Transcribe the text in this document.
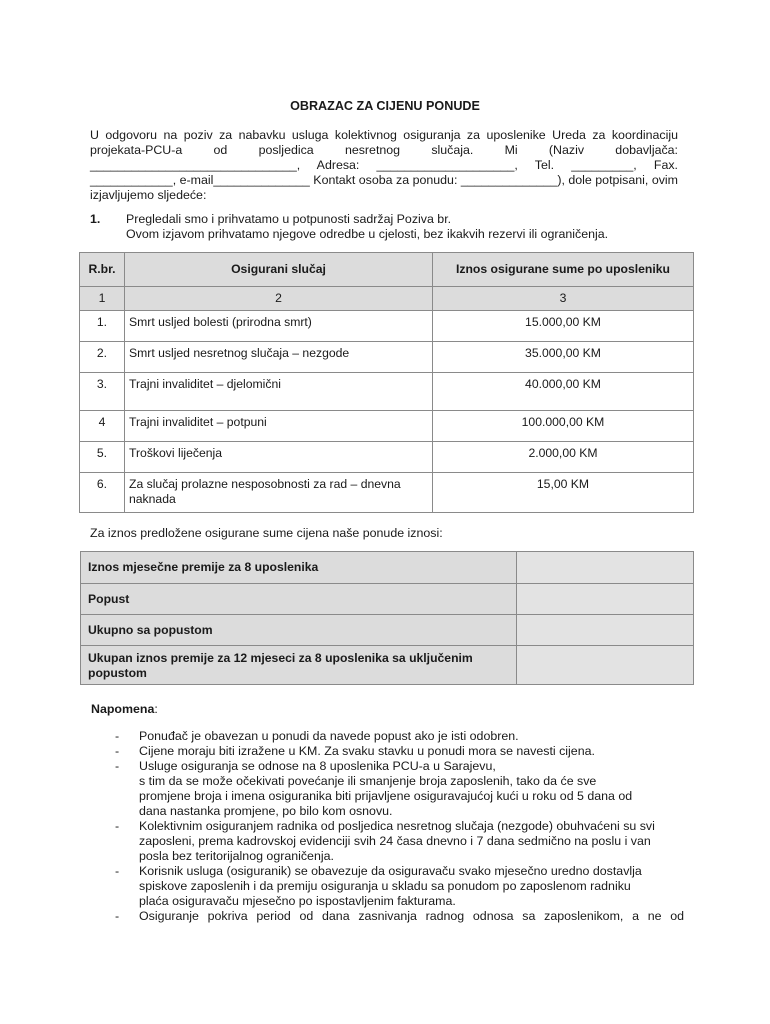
OBRAZAC ZA CIJENU PONUDE

U odgovoru na poziv za nabavku usluga kolektivnog osiguranja za uposlenike Ureda za koordinaciju projekata-PCU-a od posljedica nesretnog slučaja. Mi (Naziv dobavljača: ______________________________, Adresa: ____________________, Tel. _________, Fax. ____________, e-mail______________ Kontakt osoba za ponudu: ______________), dole potpisani, ovim izjavljujemo sljedeće:

1. Pregledali smo i prihvatamo u potpunosti sadržaj Poziva br.
Ovom izjavom prihvatamo njegove odredbe u cjelosti, bez ikakvih rezervi ili ograničenja.
R.br.	Osigurani slučaj	Iznos osigurane sume po uposleniku
1	2	3
1.	Smrt usljed bolesti (prirodna smrt)	15.000,00 KM
2.	Smrt usljed nesretnog slučaja – nezgode	35.000,00 KM
3.	Trajni invaliditet – djelomični	40.000,00 KM
4	Trajni invaliditet – potpuni	100.000,00 KM
5.	Troškovi liječenja	2.000,00 KM
6.	Za slučaj prolazne nesposobnosti za rad – dnevna naknada	15,00 KM
Za iznos predložene osigurane sume cijena naše ponude iznosi:
Iznos mjesečne premije za 8 uposlenika	
Popust	
Ukupno sa popustom	
Ukupan iznos premije za 12 mjeseci za 8 uposlenika sa uključenim popustom	
Napomena:
- Ponuđač je obavezan u ponudi da navede popust ako je isti odobren.
- Cijene moraju biti izražene u KM. Za svaku stavku u ponudi mora se navesti cijena.
- Usluge osiguranja se odnose na 8 uposlenika PCU-a u Sarajevu,
s tim da se može očekivati povećanje ili smanjenje broja zaposlenih, tako da će sve
promjene broja i imena osiguranika biti prijavljene osiguravajućoj kući u roku od 5 dana od
dana nastanka promjene, po bilo kom osnovu.
- Kolektivnim osiguranjem radnika od posljedica nesretnog slučaja (nezgode) obuhvaćeni su svi
zaposleni, prema kadrovskoj evidenciji svih 24 časa dnevno i 7 dana sedmično na poslu i van
posla bez teritorijalnog ograničenja.
- Korisnik usluga (osiguranik) se obavezuje da osiguravaču svako mjesečno uredno dostavlja
spiskove zaposlenih i da premiju osiguranja u skladu sa ponudom po zaposlenom radniku
plaća osiguravaču mjesečno po ispostavljenim fakturama.
- Osiguranje pokriva period od dana zasnivanja radnog odnosa sa zaposlenikom, a ne od
